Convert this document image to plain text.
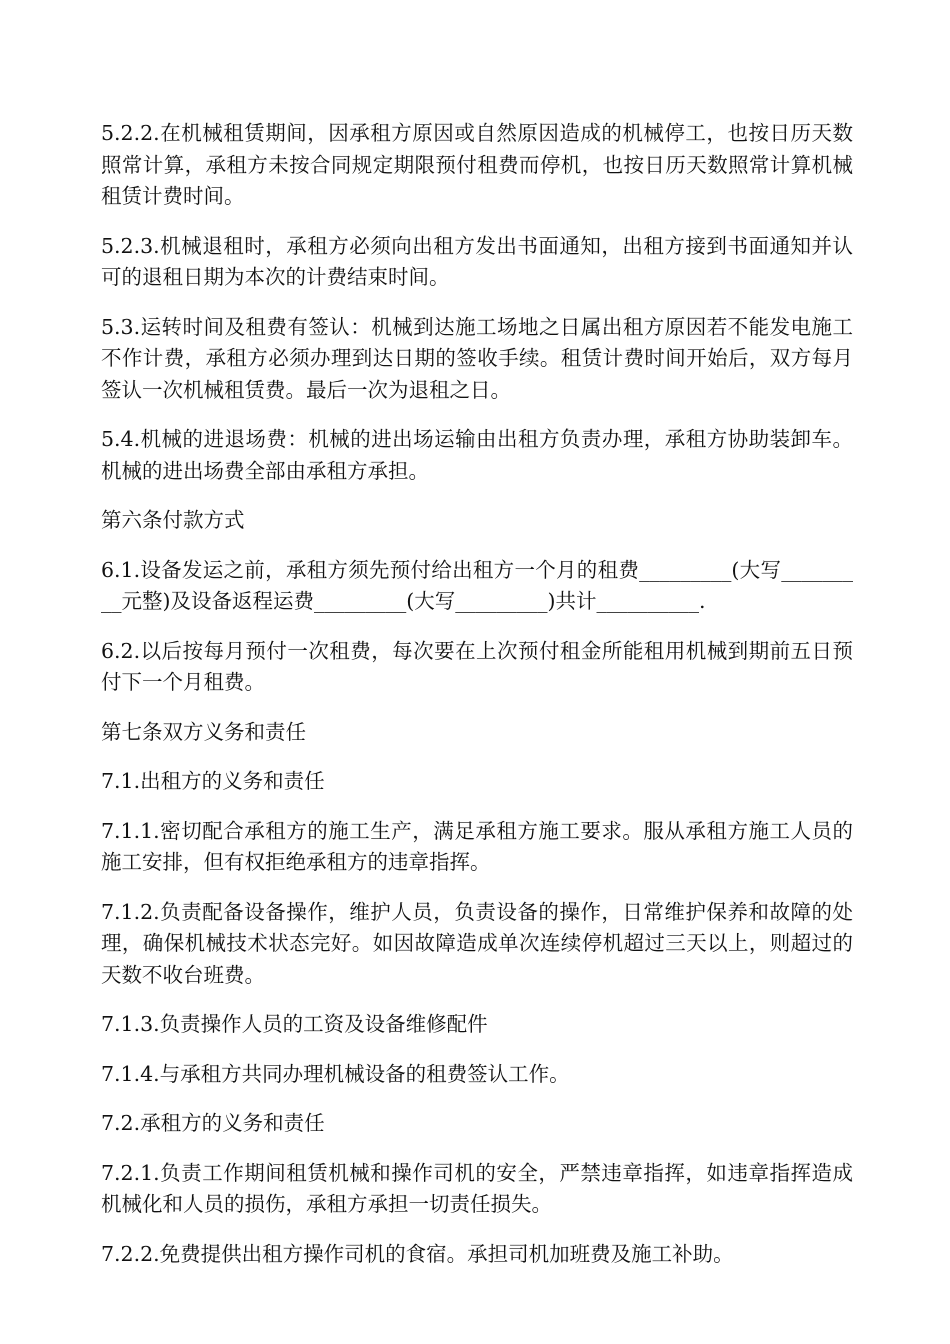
5.2.2.在机械租赁期间，因承租方原因或自然原因造成的机械停工，也按日历天数照常计算，承租方未按合同规定期限预付租费而停机，也按日历天数照常计算机械租赁计费时间。

5.2.3.机械退租时，承租方必须向出租方发出书面通知，出租方接到书面通知并认可的退租日期为本次的计费结束时间。

5.3.运转时间及租费有签认：机械到达施工场地之日属出租方原因若不能发电施工不作计费，承租方必须办理到达日期的签收手续。租赁计费时间开始后，双方每月签认一次机械租赁费。最后一次为退租之日。

5.4.机械的进退场费：机械的进出场运输由出租方负责办理，承租方协助装卸车。机械的进出场费全部由承租方承担。

第六条付款方式

6.1.设备发运之前，承租方须先预付给出租方一个月的租费_________(大写_________元整)及设备返程运费_________(大写_________)共计__________.

6.2.以后按每月预付一次租费，每次要在上次预付租金所能租用机械到期前五日预付下一个月租费。

第七条双方义务和责任

7.1.出租方的义务和责任

7.1.1.密切配合承租方的施工生产，满足承租方施工要求。服从承租方施工人员的施工安排，但有权拒绝承租方的违章指挥。

7.1.2.负责配备设备操作，维护人员，负责设备的操作，日常维护保养和故障的处理，确保机械技术状态完好。如因故障造成单次连续停机超过三天以上，则超过的天数不收台班费。

7.1.3.负责操作人员的工资及设备维修配件

7.1.4.与承租方共同办理机械设备的租费签认工作。

7.2.承租方的义务和责任

7.2.1.负责工作期间租赁机械和操作司机的安全，严禁违章指挥，如违章指挥造成机械化和人员的损伤，承租方承担一切责任损失。

7.2.2.免费提供出租方操作司机的食宿。承担司机加班费及施工补助。
